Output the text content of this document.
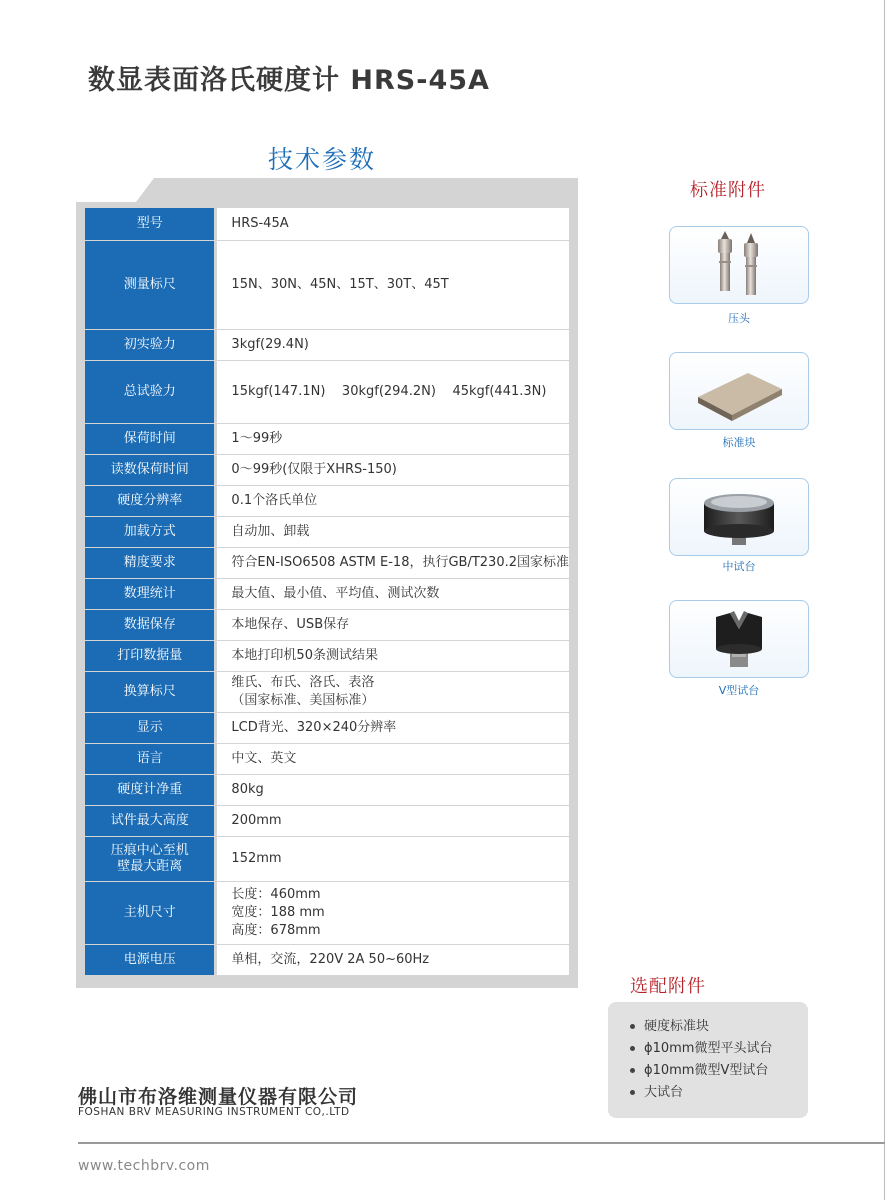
数显表面洛氏硬度计 HRS-45A
技术参数
型号	HRS-45A

测量标尺	15N、30N、45N、15T、30T、45T

初实验力	3kgf(29.4N)

总试验力	15kgf(147.1N)    30kgf(294.2N)    45kgf(441.3N)

保荷时间	1～99秒

读数保荷时间	0～99秒(仅限于XHRS-150)

硬度分辨率	0.1个洛氏单位

加载方式	自动加、卸载

精度要求	符合EN-ISO6508 ASTM E-18，执行GB/T230.2国家标准

数理统计	最大值、最小值、平均值、测试次数

数据保存	本地保存、USB保存

打印数据量	本地打印机50条测试结果

换算标尺	维氏、布氏、洛氏、表洛
（国家标准、美国标准）

显示	LCD背光、320×240分辨率

语言	中文、英文

硬度计净重	80kg

试件最大高度	200mm

压痕中心至机
壁最大距离	152mm

主机尺寸	长度：460mm
宽度：188 mm
高度：678mm

电源电压	单相，交流，220V 2A 50~60Hz
标准附件
压头
标准块
中试台
V型试台
选配附件
硬度标准块
ϕ10mm微型平头试台
ϕ10mm微型V型试台
大试台
佛山市布洛维测量仪器有限公司
FOSHAN BRV MEASURING INSTRUMENT CO,.LTD
www.techbrv.com
